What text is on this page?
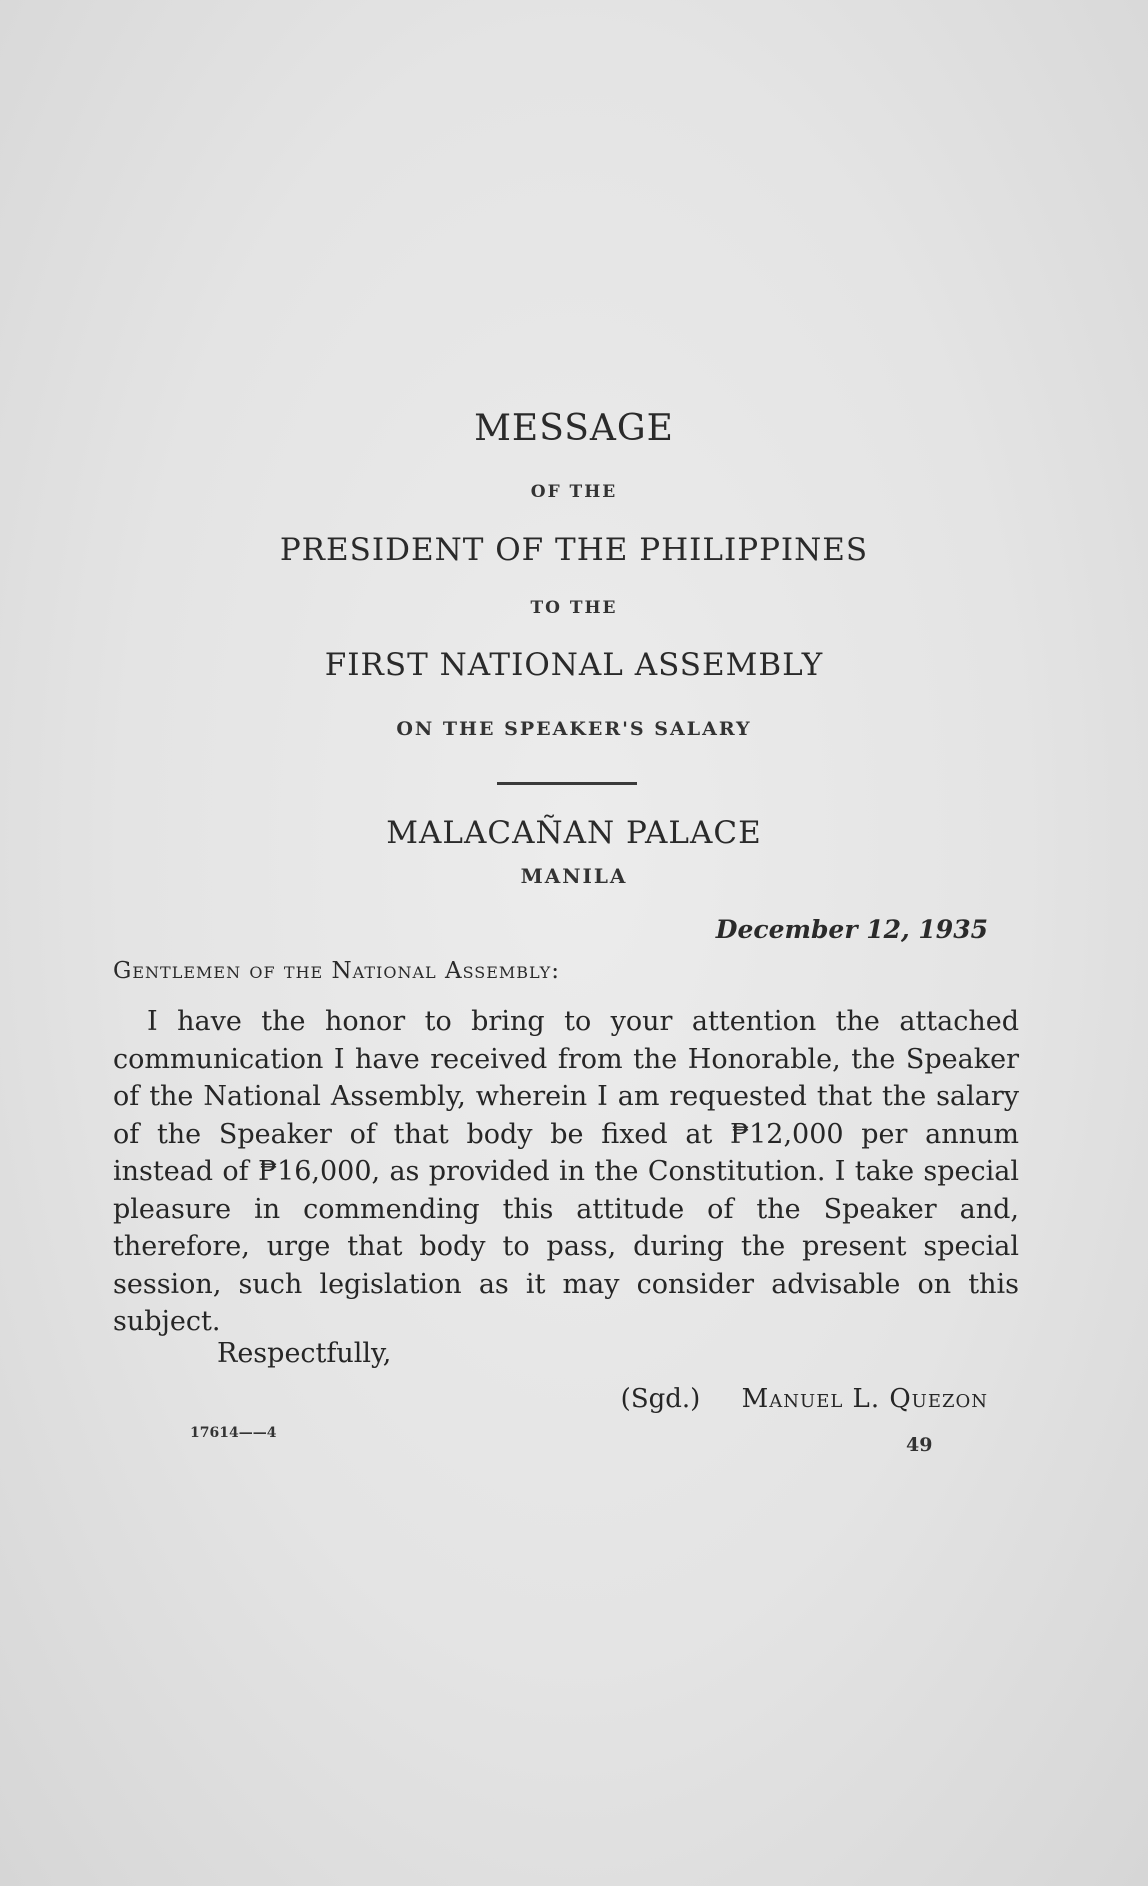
MESSAGE
OF THE
PRESIDENT OF THE PHILIPPINES
TO THE
FIRST NATIONAL ASSEMBLY
ON THE SPEAKER'S SALARY
MALACAÑAN PALACE
MANILA
December 12, 1935
Gentlemen of the National Assembly:
I have the honor to bring to your attention the attached communication I have received from the Honorable, the Speaker of the National Assembly, wherein I am requested that the salary of the Speaker of that body be fixed at ₱12,000 per annum instead of ₱16,000, as provided in the Constitution. I take special pleasure in commending this attitude of the Speaker and, therefore, urge that body to pass, during the present special session, such legislation as it may consider advisable on this subject.
Respectfully,
(Sgd.) Manuel L. Quezon
17614——4
49
